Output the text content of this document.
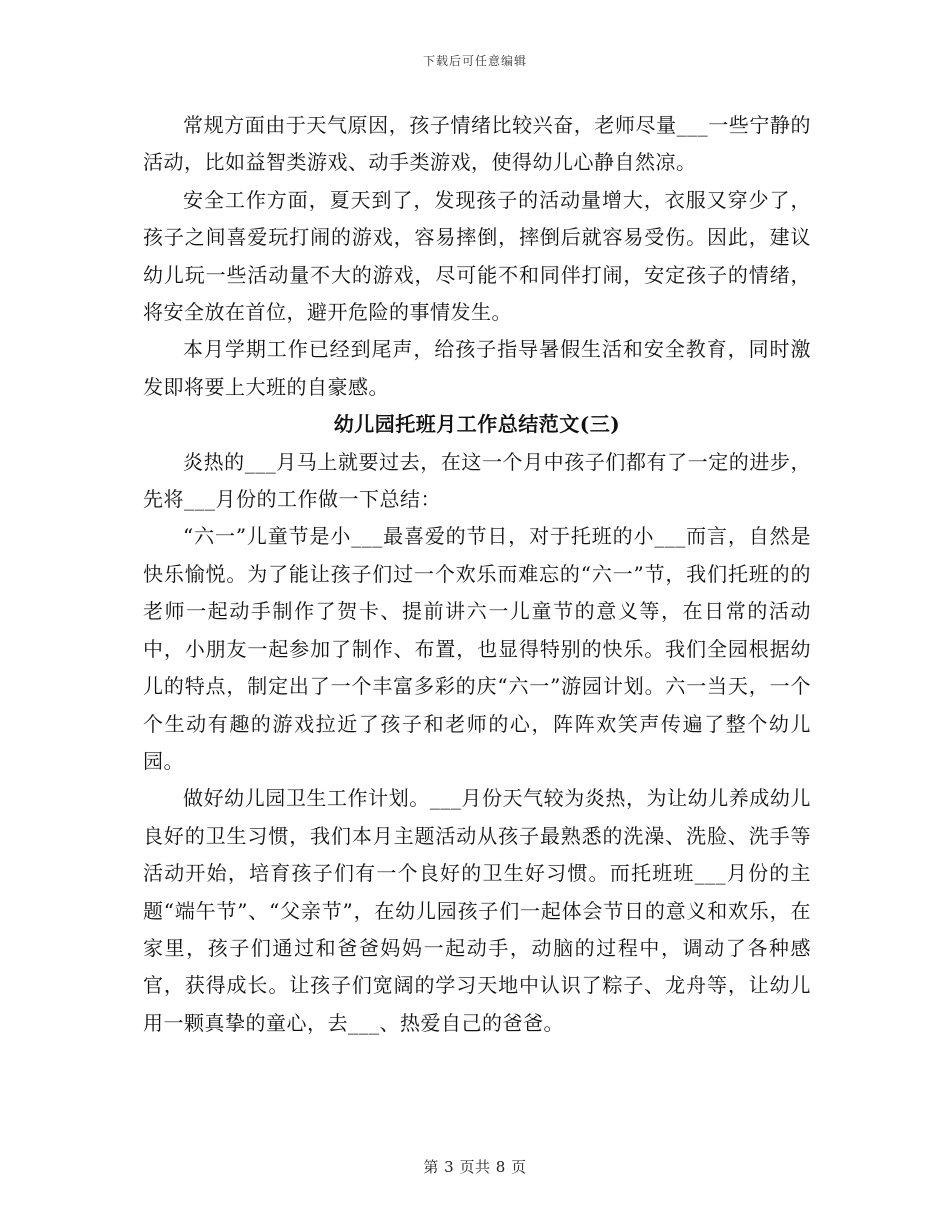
下载后可任意编辑

常规方面由于天气原因，孩子情绪比较兴奋，老师尽量___一些宁静的活动，比如益智类游戏、动手类游戏，使得幼儿心静自然凉。

安全工作方面，夏天到了，发现孩子的活动量增大，衣服又穿少了，孩子之间喜爱玩打闹的游戏，容易摔倒，摔倒后就容易受伤。因此，建议幼儿玩一些活动量不大的游戏，尽可能不和同伴打闹，安定孩子的情绪，将安全放在首位，避开危险的事情发生。

本月学期工作已经到尾声，给孩子指导暑假生活和安全教育，同时激发即将要上大班的自豪感。

幼儿园托班月工作总结范文(三)

炎热的___月马上就要过去，在这一个月中孩子们都有了一定的进步，先将___月份的工作做一下总结：

“六一”儿童节是小___最喜爱的节日，对于托班的小___而言，自然是快乐愉悦。为了能让孩子们过一个欢乐而难忘的“六一”节，我们托班的的老师一起动手制作了贺卡、提前讲六一儿童节的意义等，在日常的活动中，小朋友一起参加了制作、布置，也显得特别的快乐。我们全园根据幼儿的特点，制定出了一个丰富多彩的庆“六一”游园计划。六一当天，一个个生动有趣的游戏拉近了孩子和老师的心，阵阵欢笑声传遍了整个幼儿园。

做好幼儿园卫生工作计划。___月份天气较为炎热，为让幼儿养成幼儿良好的卫生习惯，我们本月主题活动从孩子最熟悉的洗澡、洗脸、洗手等活动开始，培育孩子们有一个良好的卫生好习惯。而托班班___月份的主题“端午节”、“父亲节”，在幼儿园孩子们一起体会节日的意义和欢乐，在家里，孩子们通过和爸爸妈妈一起动手，动脑的过程中，调动了各种感官，获得成长。让孩子们宽阔的学习天地中认识了粽子、龙舟等，让幼儿用一颗真挚的童心，去___、热爱自己的爸爸。

第 3 页共 8 页
